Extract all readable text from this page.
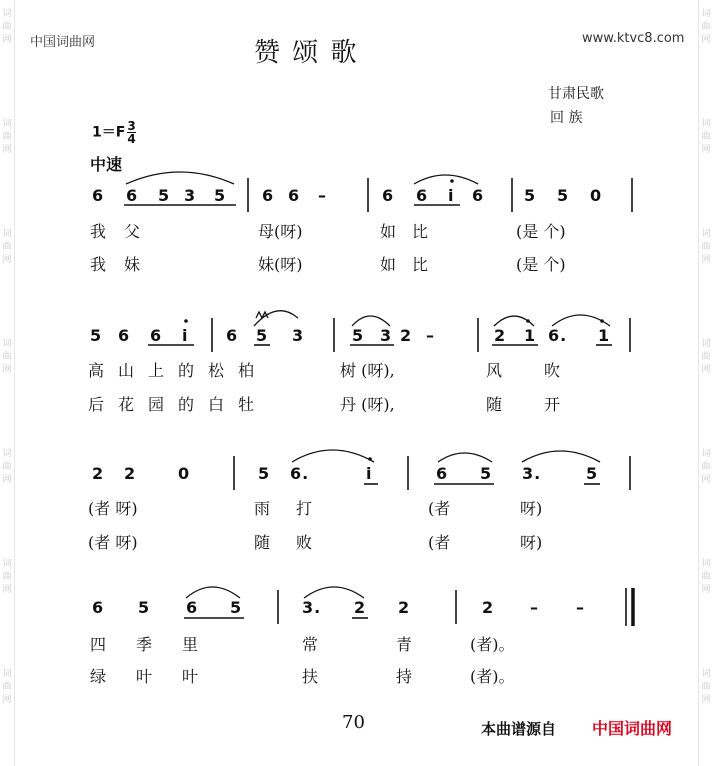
词
曲
网
词
曲
网
词
曲
网
词
曲
网
词
曲
网
词
曲
网
词
曲
网
词
曲
网
词
曲
网
词
曲
网
词
曲
网
词
曲
网
词
曲
网
词
曲
网
中国词曲网	赞 颂 歌	www.ktvc8.com
甘肃民歌
回 族
$1=F \frac{3}{4}$
中速
6 6 5 3 5 6 6 –	6 6 i 6 5 5 0
我 父	母(呀)	如 比	(是 个)
我 妹	妹(呀)	如 比	(是 个)
5 6 6 i 6 5 3	5 3 2 –	2 1 6. 1
高山上的松柏	树 (呀),	风	吹
后花园的白牡	丹 (呀),	随	开
2 2	0	5 6.	i	6 5 3.	5
(者 呀)	雨 打	(者	呀)
(者 呀)	随 败	(者	呀)
6 5 6 5	3. 2 2	2 – –
四 季 里	常	青	(者)。
绿 叶 叶	扶	持	(者)。
70	本曲谱源自 中国词曲网
